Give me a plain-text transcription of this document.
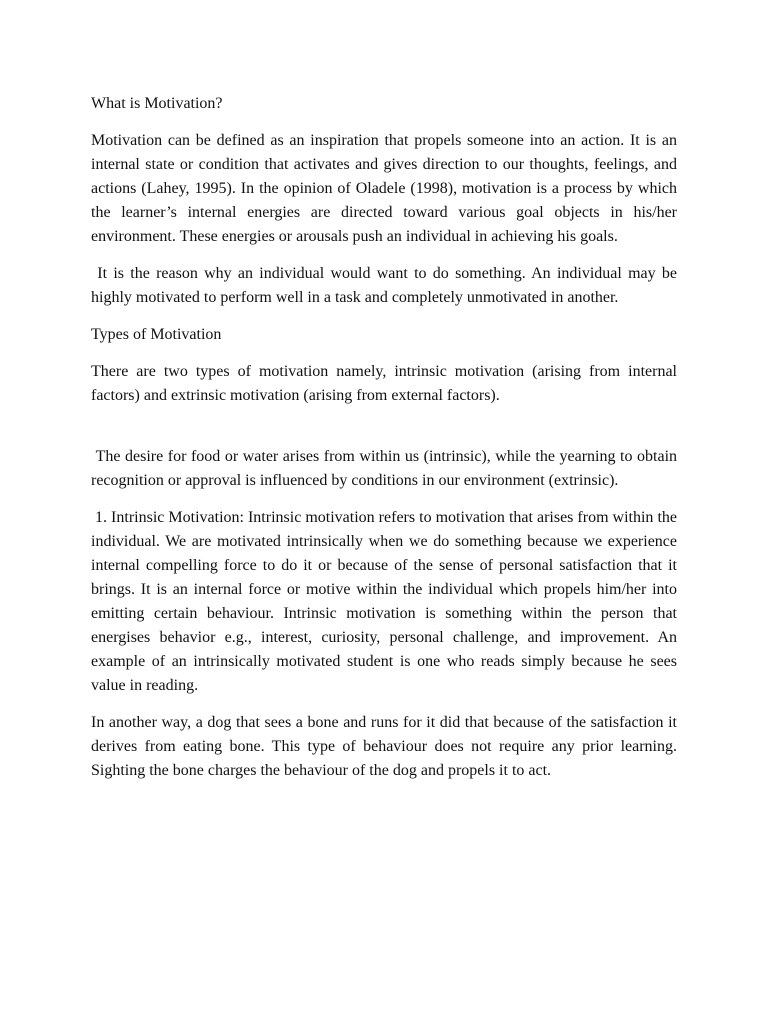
What is Motivation?

Motivation can be defined as an inspiration that propels someone into an action. It is an internal state or condition that activates and gives direction to our thoughts, feelings, and actions (Lahey, 1995). In the opinion of Oladele (1998), motivation is a process by which the learner’s internal energies are directed toward various goal objects in his/her environment. These energies or arousals push an individual in achieving his goals.

It is the reason why an individual would want to do something. An individual may be highly motivated to perform well in a task and completely unmotivated in another.

Types of Motivation

There are two types of motivation namely, intrinsic motivation (arising from internal factors) and extrinsic motivation (arising from external factors).

The desire for food or water arises from within us (intrinsic), while the yearning to obtain recognition or approval is influenced by conditions in our environment (extrinsic).

1. Intrinsic Motivation: Intrinsic motivation refers to motivation that arises from within the individual. We are motivated intrinsically when we do something because we experience internal compelling force to do it or because of the sense of personal satisfaction that it brings. It is an internal force or motive within the individual which propels him/her into emitting certain behaviour. Intrinsic motivation is something within the person that energises behavior e.g., interest, curiosity, personal challenge, and improvement. An example of an intrinsically motivated student is one who reads simply because he sees value in reading.

In another way, a dog that sees a bone and runs for it did that because of the satisfaction it derives from eating bone. This type of behaviour does not require any prior learning. Sighting the bone charges the behaviour of the dog and propels it to act.
